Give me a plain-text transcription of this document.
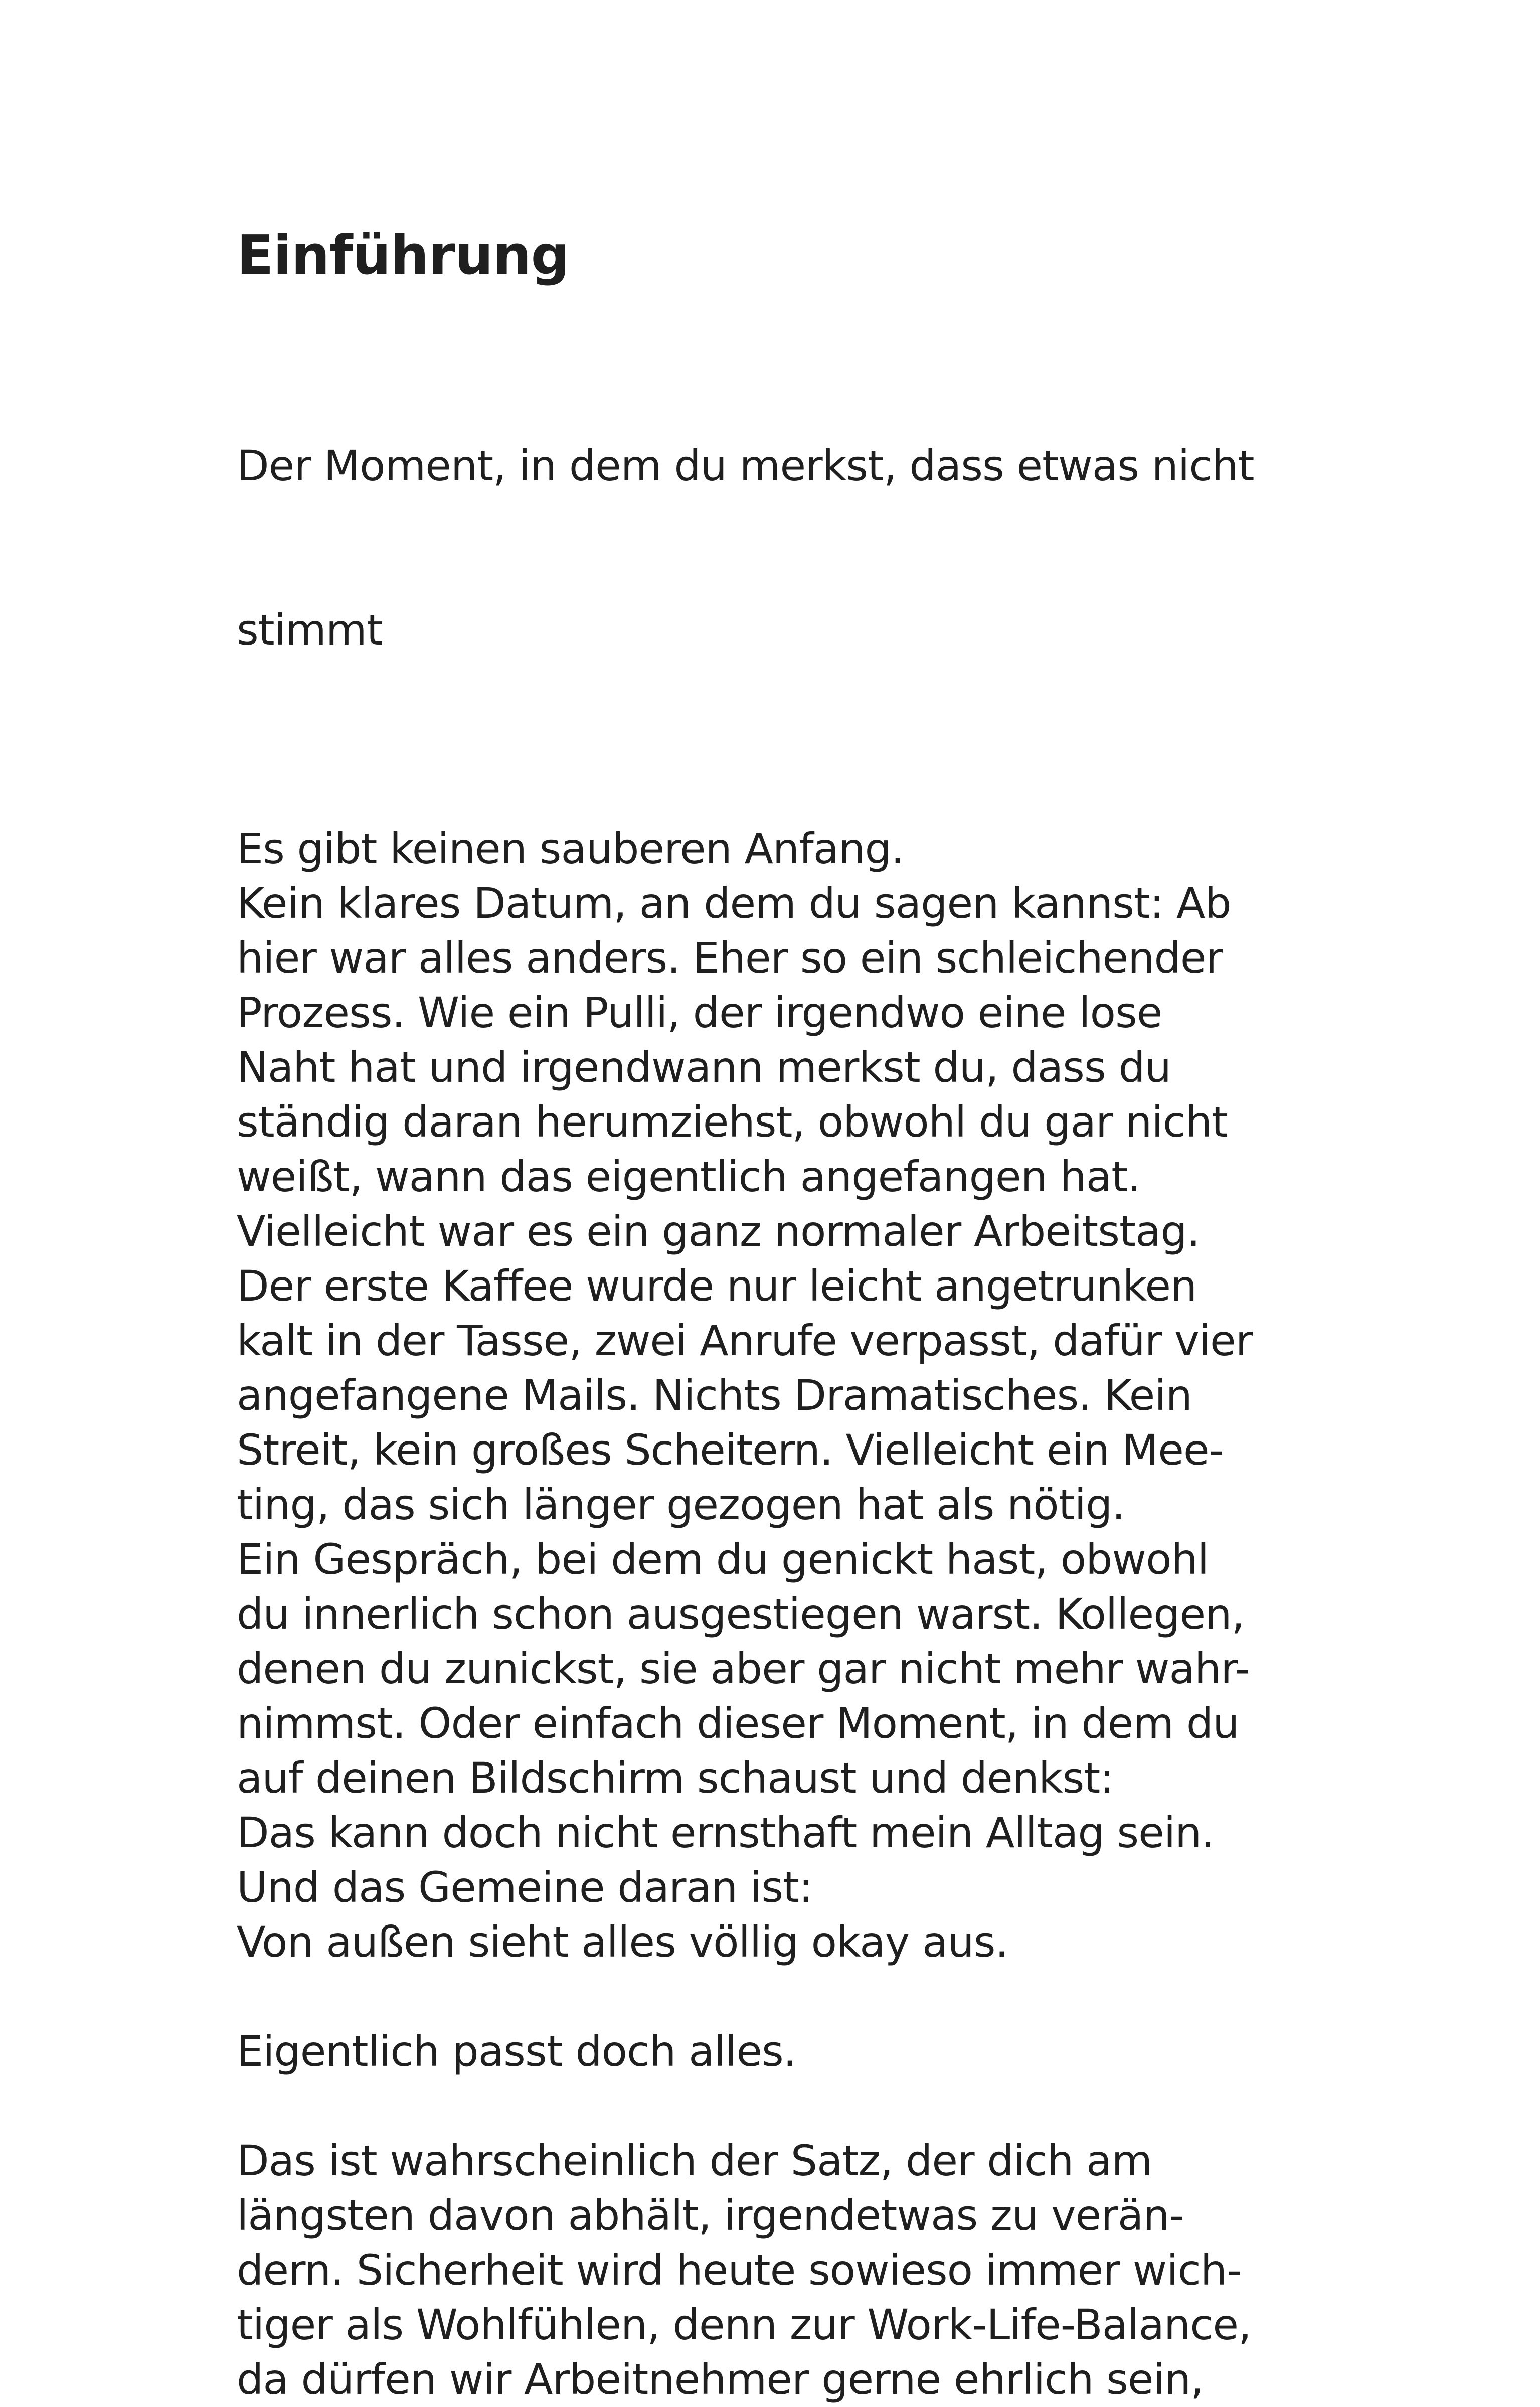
Einführung

Der Moment, in dem du merkst, dass etwas nicht

stimmt

Es gibt keinen sauberen Anfang.
Kein klares Datum, an dem du sagen kannst: Ab
hier war alles anders. Eher so ein schleichender
Prozess. Wie ein Pulli, der irgendwo eine lose
Naht hat und irgendwann merkst du, dass du
ständig daran herumziehst, obwohl du gar nicht
weißt, wann das eigentlich angefangen hat.
Vielleicht war es ein ganz normaler Arbeitstag.
Der erste Kaffee wurde nur leicht angetrunken
kalt in der Tasse, zwei Anrufe verpasst, dafür vier
angefangene Mails. Nichts Dramatisches. Kein
Streit, kein großes Scheitern. Vielleicht ein Mee-
ting, das sich länger gezogen hat als nötig.
Ein Gespräch, bei dem du genickt hast, obwohl
du innerlich schon ausgestiegen warst. Kollegen,
denen du zunickst, sie aber gar nicht mehr wahr-
nimmst. Oder einfach dieser Moment, in dem du
auf deinen Bildschirm schaust und denkst:
Das kann doch nicht ernsthaft mein Alltag sein.
Und das Gemeine daran ist:
Von außen sieht alles völlig okay aus.
Eigentlich passt doch alles.
Das ist wahrscheinlich der Satz, der dich am
längsten davon abhält, irgendetwas zu verän-
dern. Sicherheit wird heute sowieso immer wich-
tiger als Wohlfühlen, denn zur Work-Life-Balance,
da dürfen wir Arbeitnehmer gerne ehrlich sein,
